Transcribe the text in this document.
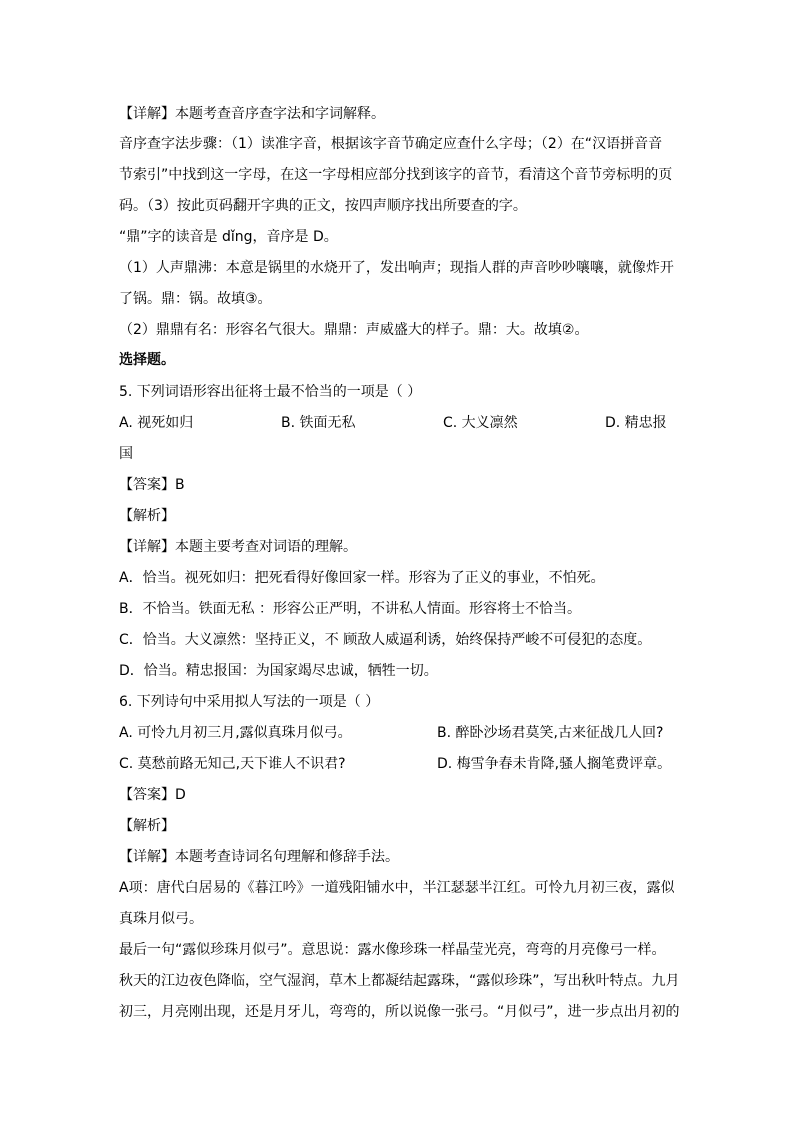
【详解】本题考查音序查字法和字词解释。
音序查字法步骤：（1）读准字音，根据该字音节确定应查什么字母；（2）在“汉语拼音音
节索引”中找到这一字母，在这一字母相应部分找到该字的音节，看清这个音节旁标明的页
码。（3）按此页码翻开字典的正文，按四声顺序找出所要查的字。
“鼎”字的读音是 dǐng，音序是 D。
（1）人声鼎沸：本意是锅里的水烧开了，发出响声；现指人群的声音吵吵嚷嚷，就像炸开
了锅。鼎：锅。故填③。
（2）鼎鼎有名：形容名气很大。鼎鼎：声威盛大的样子。鼎：大。故填②。
选择题。
5. 下列词语形容出征将士最不恰当的一项是（ ）
A. 视死如归	B. 铁面无私	C. 大义凛然	D. 精忠报
国
【答案】B
【解析】
【详解】本题主要考查对词语的理解。
A．恰当。视死如归：把死看得好像回家一样。形容为了正义的事业，不怕死。
B．不恰当。铁面无私 ：形容公正严明，不讲私人情面。形容将士不恰当。
C．恰当。大义凛然：坚持正义，不 顾敌人威逼利诱，始终保持严峻不可侵犯的态度。
D．恰当。精忠报国：为国家竭尽忠诚，牺牲一切。
6. 下列诗句中采用拟人写法的一项是（ ）
A. 可怜九月初三月,露似真珠月似弓。	B. 醉卧沙场君莫笑,古来征战几人回?
C. 莫愁前路无知己,天下谁人不识君?	D. 梅雪争春未肯降,骚人搁笔费评章。
【答案】D
【解析】
【详解】本题考查诗词名句理解和修辞手法。
A项：唐代白居易的《暮江吟》一道残阳铺水中，半江瑟瑟半江红。可怜九月初三夜，露似
真珠月似弓。
最后一句“露似珍珠月似弓”。意思说：露水像珍珠一样晶莹光亮，弯弯的月亮像弓一样。
秋天的江边夜色降临，空气湿润，草木上都凝结起露珠，“露似珍珠”，写出秋叶特点。九月
初三，月亮刚出现，还是月牙儿，弯弯的，所以说像一张弓。“月似弓”，进一步点出月初的
